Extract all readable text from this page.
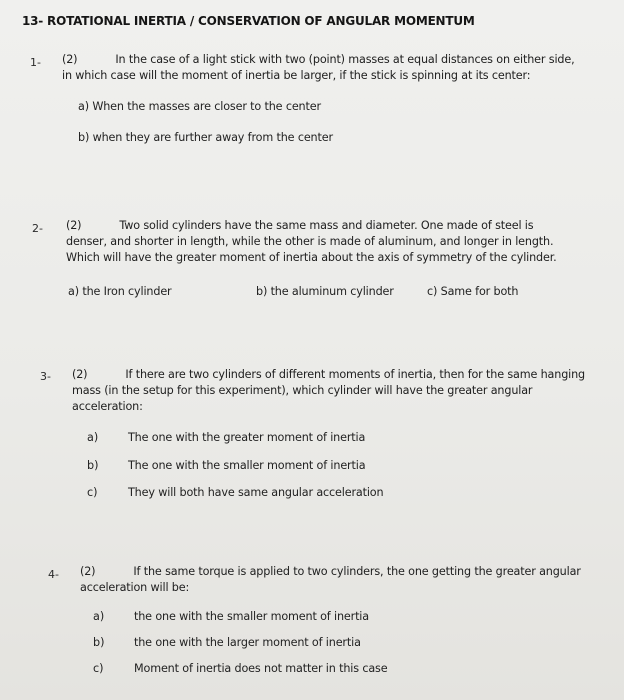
13- ROTATIONAL INERTIA / CONSERVATION OF ANGULAR MOMENTUM
1- (2)	In the case of a light stick with two (point) masses at equal distances on either side,
in which case will the moment of inertia be larger, if the stick is spinning at its center:
a) When the masses are closer to the center
b) when they are further away from the center
2- (2)	Two solid cylinders have the same mass and diameter. One made of steel is
denser, and shorter in length, while the other is made of aluminum, and longer in length.
Which will have the greater moment of inertia about the axis of symmetry of the cylinder.
a) the Iron cylinder	b) the aluminum cylinder	c) Same for both
3- (2)	If there are two cylinders of different moments of inertia, then for the same hanging
mass (in the setup for this experiment), which cylinder will have the greater angular
acceleration:
a)	The one with the greater moment of inertia
b)	The one with the smaller moment of inertia
c)	They will both have same angular acceleration
4- (2)	If the same torque is applied to two cylinders, the one getting the greater angular
acceleration will be:
a)	the one with the smaller moment of inertia
b)	the one with the larger moment of inertia
c)	Moment of inertia does not matter in this case
